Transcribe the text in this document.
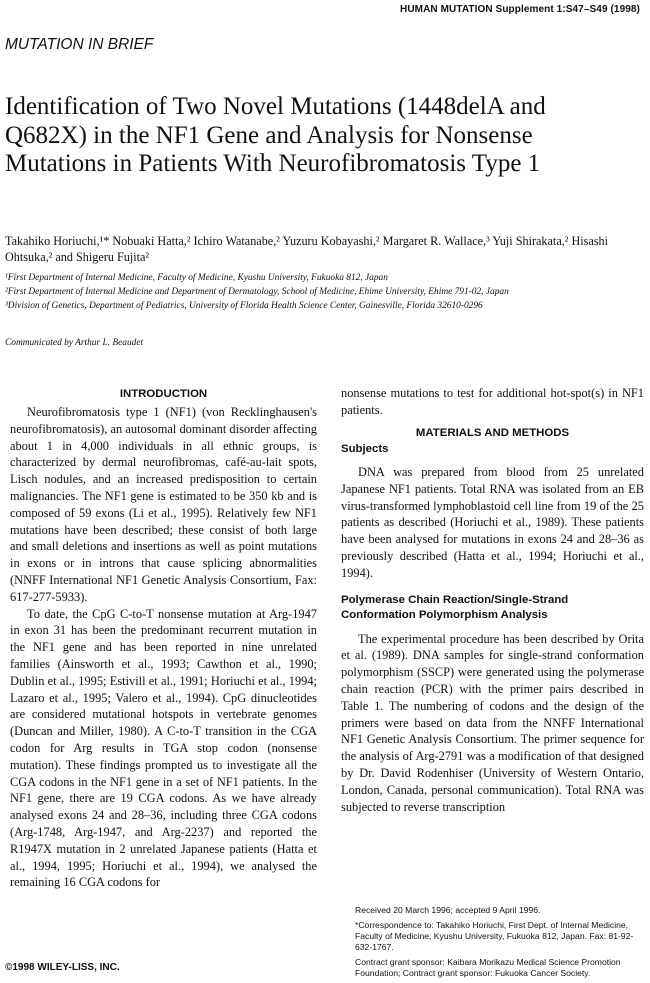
HUMAN MUTATION Supplement 1:S47–S49 (1998)
MUTATION IN BRIEF
Identification of Two Novel Mutations (1448delA and Q682X) in the NF1 Gene and Analysis for Nonsense Mutations in Patients With Neurofibromatosis Type 1
Takahiko Horiuchi,¹* Nobuaki Hatta,² Ichiro Watanabe,² Yuzuru Kobayashi,² Margaret R. Wallace,³ Yuji Shirakata,² Hisashi Ohtsuka,² and Shigeru Fujita²
¹First Department of Internal Medicine, Faculty of Medicine, Kyushu University, Fukuoka 812, Japan
²First Department of Internal Medicine and Department of Dermatology, School of Medicine, Ehime University, Ehime 791-02, Japan
³Division of Genetics, Department of Pediatrics, University of Florida Health Science Center, Gainesville, Florida 32610-0296
Communicated by Arthur L. Beaudet
INTRODUCTION

Neurofibromatosis type 1 (NF1) (von Recklinghausen's neurofibromatosis), an autosomal dominant disorder affecting about 1 in 4,000 individuals in all ethnic groups, is characterized by dermal neurofibromas, café-au-lait spots, Lisch nodules, and an increased predisposition to certain malignancies. The NF1 gene is estimated to be 350 kb and is composed of 59 exons (Li et al., 1995). Relatively few NF1 mutations have been described; these consist of both large and small deletions and insertions as well as point mutations in exons or in introns that cause splicing abnormalities (NNFF International NF1 Genetic Analysis Consortium, Fax: 617-277-5933).

To date, the CpG C-to-T nonsense mutation at Arg-1947 in exon 31 has been the predominant recurrent mutation in the NF1 gene and has been reported in nine unrelated families (Ainsworth et al., 1993; Cawthon et al., 1990; Dublin et al., 1995; Estivill et al., 1991; Horiuchi et al., 1994; Lazaro et al., 1995; Valero et al., 1994). CpG dinucleotides are considered mutational hotspots in vertebrate genomes (Duncan and Miller, 1980). A C-to-T transition in the CGA codon for Arg results in TGA stop codon (nonsense mutation). These findings prompted us to investigate all the CGA codons in the NF1 gene in a set of NF1 patients. In the NF1 gene, there are 19 CGA codons. As we have already analysed exons 24 and 28–36, including three CGA codons (Arg-1748, Arg-1947, and Arg-2237) and reported the R1947X mutation in 2 unrelated Japanese patients (Hatta et al., 1994, 1995; Horiuchi et al., 1994), we analysed the remaining 16 CGA codons for

nonsense mutations to test for additional hot-spot(s) in NF1 patients.

MATERIALS AND METHODS
Subjects

DNA was prepared from blood from 25 unrelated Japanese NF1 patients. Total RNA was isolated from an EB virus-transformed lymphoblastoid cell line from 19 of the 25 patients as described (Horiuchi et al., 1989). These patients have been analysed for mutations in exons 24 and 28–36 as previously described (Hatta et al., 1994; Horiuchi et al., 1994).

Polymerase Chain Reaction/Single-Strand Conformation Polymorphism Analysis

The experimental procedure has been described by Orita et al. (1989). DNA samples for single-strand conformation polymorphism (SSCP) were generated using the polymerase chain reaction (PCR) with the primer pairs described in Table 1. The numbering of codons and the design of the primers were based on data from the NNFF International NF1 Genetic Analysis Consortium. The primer sequence for the analysis of Arg-2791 was a modification of that designed by Dr. David Rodenhiser (University of Western Ontario, London, Canada, personal communication). Total RNA was subjected to reverse transcription

Received 20 March 1996; accepted 9 April 1996.
*Correspondence to: Takahiko Horiuchi, First Dept. of Internal Medicine, Faculty of Medicine, Kyushu University, Fukuoka 812, Japan. Fax: 81-92-632-1767.
Contract grant sponsor: Kaibara Morikazu Medical Science Promotion Foundation; Contract grant sponsor: Fukuoka Cancer Society.
©1998 WILEY-LISS, INC.
